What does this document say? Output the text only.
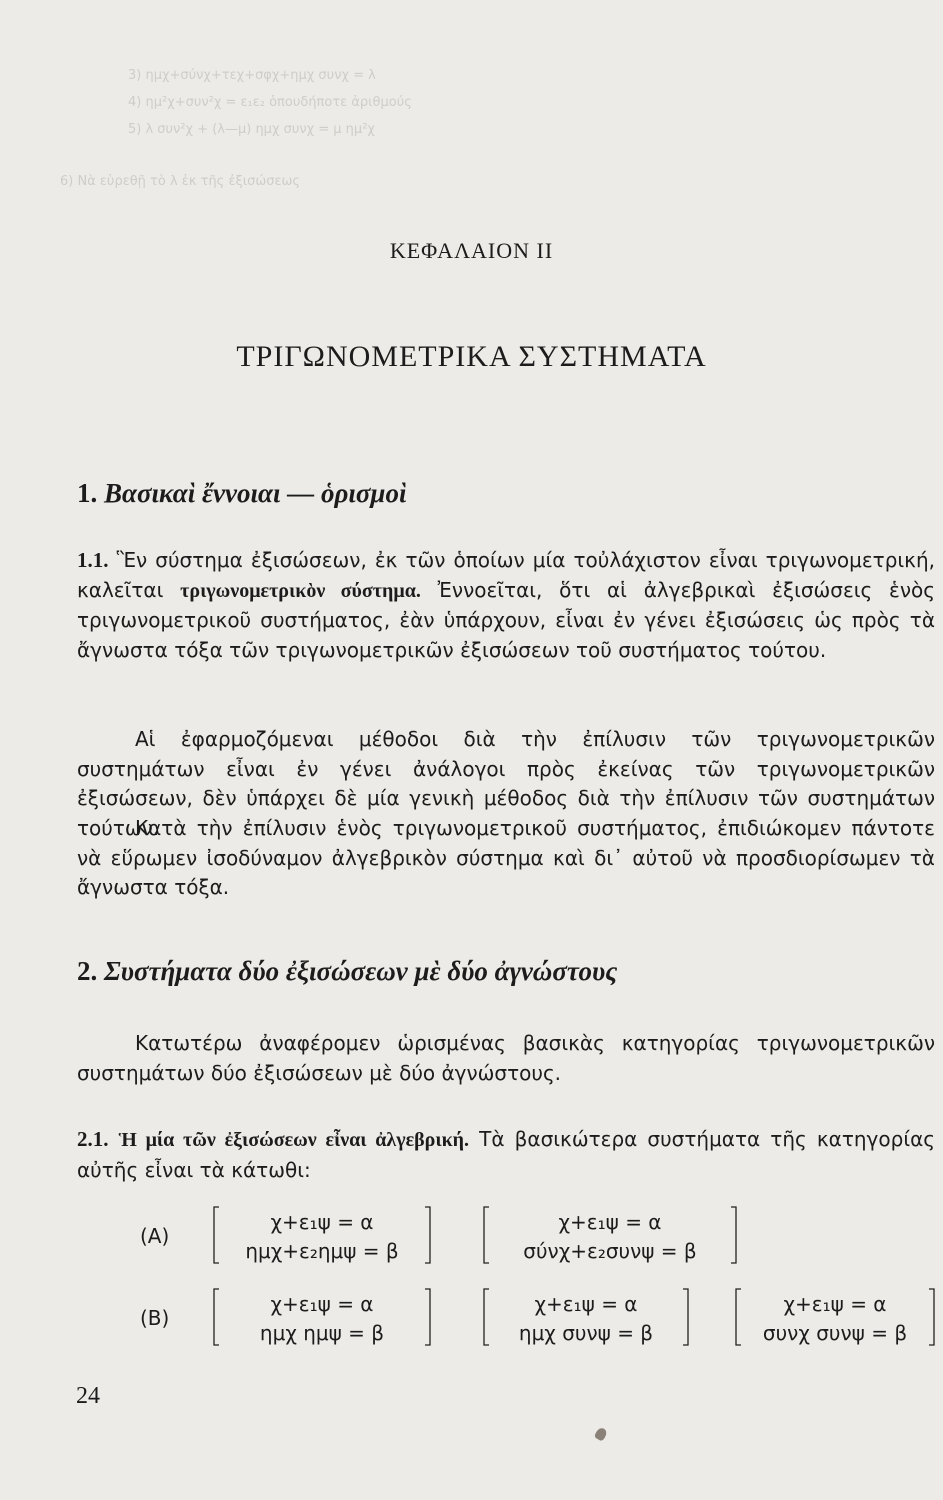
3) ημχ+σύνχ+τεχ+σφχ+ημχ συνχ = λ
4) ημ²χ+συν²χ = ε₁ε₂ ὁπουδήποτε ἀριθμούς
5) λ συν²χ + (λ—μ) ημχ συνχ = μ ημ²χ
6) Νὰ εὑρεθῇ τὸ λ ἐκ τῆς ἐξισώσεως
ΚΕΦΑΛΑΙΟΝ ΙΙ
ΤΡΙΓΩΝΟΜΕΤΡΙΚΑ ΣΥΣΤΗΜΑΤΑ
1. Βασικαὶ ἔννοιαι — ὁρισμοὶ

1.1. Ἓν σύστημα ἐξισώσεων, ἐκ τῶν ὁποίων μία τοὐλάχιστον εἶναι τριγωνομετρική, καλεῖται τριγωνομετρικὸν σύστημα. Ἐννοεῖται, ὅτι αἱ ἀλγεβρικαὶ ἐξισώσεις ἑνὸς τριγωνομετρικοῦ συστήματος, ἐὰν ὑπάρχουν, εἶναι ἐν γένει ἐξισώσεις ὡς πρὸς τὰ ἄγνωστα τόξα τῶν τριγωνομετρικῶν ἐξισώσεων τοῦ συστήματος τούτου.

Αἱ ἐφαρμοζόμεναι μέθοδοι διὰ τὴν ἐπίλυσιν τῶν τριγωνομετρικῶν συστημάτων εἶναι ἐν γένει ἀνάλογοι πρὸς ἐκείνας τῶν τριγωνομετρικῶν ἐξισώσεων, δὲν ὑπάρχει δὲ μία γενικὴ μέθοδος διὰ τὴν ἐπίλυσιν τῶν συστημάτων τούτων.

Κατὰ τὴν ἐπίλυσιν ἑνὸς τριγωνομετρικοῦ συστήματος, ἐπιδιώκομεν πάντοτε νὰ εὕρωμεν ἰσοδύναμον ἀλγεβρικὸν σύστημα καὶ δι᾽ αὐτοῦ νὰ προσδιορίσωμεν τὰ ἄγνωστα τόξα.

2. Συστήματα δύο ἐξισώσεων μὲ δύο ἀγνώστους

Κατωτέρω ἀναφέρομεν ὡρισμένας βασικὰς κατηγορίας τριγωνομετρικῶν συστημάτων δύο ἐξισώσεων μὲ δύο ἀγνώστους.

2.1. Ἡ μία τῶν ἐξισώσεων εἶναι ἀλγεβρική. Τὰ βασικώτερα συστήματα τῆς κατηγορίας αὐτῆς εἶναι τὰ κάτωθι:

(Α)
χ+ε₁ψ = α
ημχ+ε₂ημψ = β
χ+ε₁ψ = α
σύνχ+ε₂συνψ = β
(Β)
χ+ε₁ψ = α
ημχ ημψ = β
χ+ε₁ψ = α
ημχ συνψ = β
χ+ε₁ψ = α
συνχ συνψ = β
24
